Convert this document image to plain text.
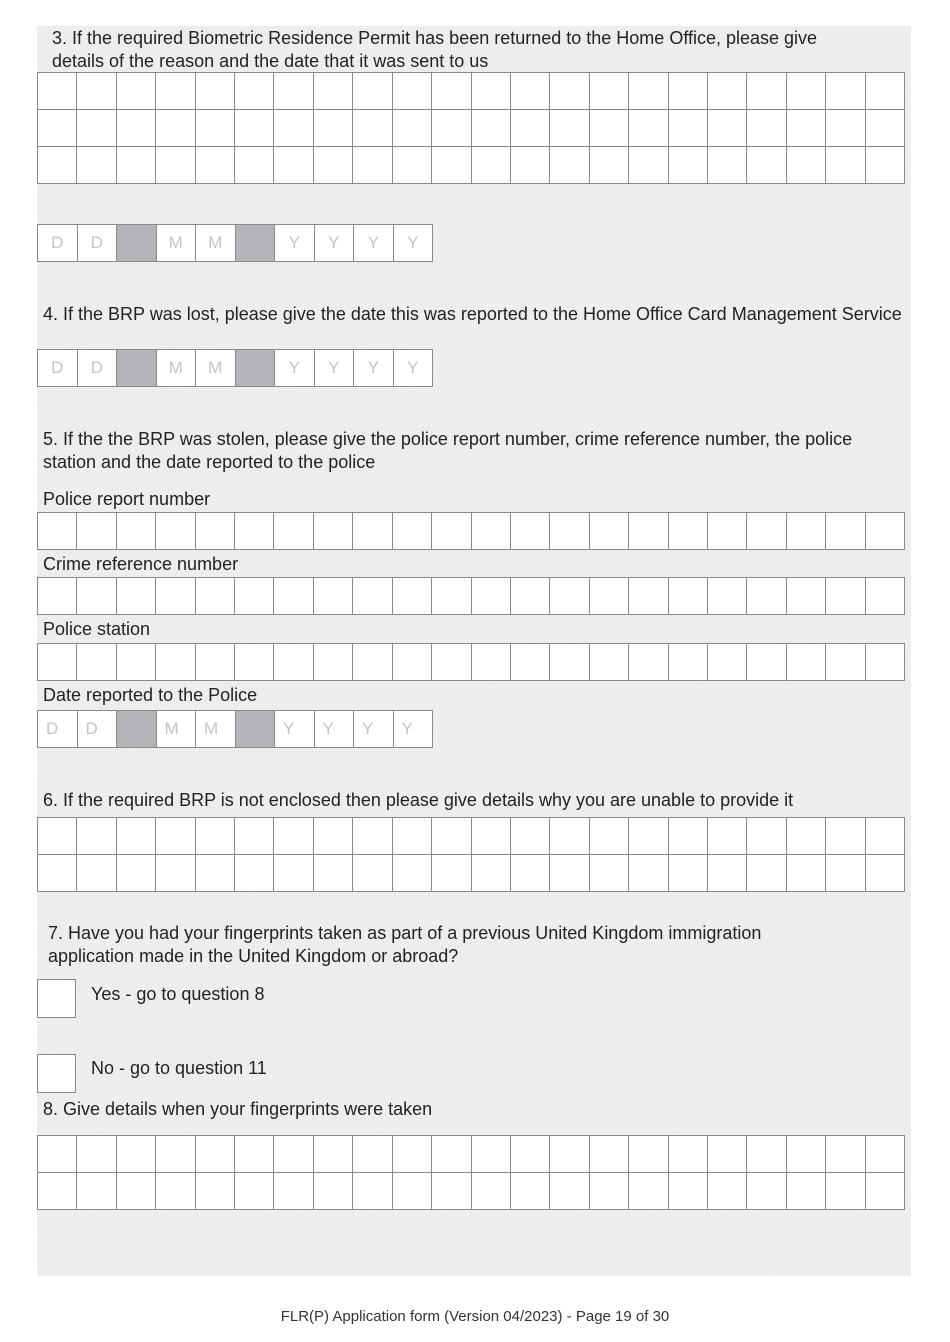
3. If the required Biometric Residence Permit has been returned to the Home Office, please give details of the reason and the date that it was sent to us

D	D	M	M	Y	Y	Y	Y

4. If the BRP was lost, please give the date this was reported to the Home Office Card Management Service

D	D	M	M	Y	Y	Y	Y

5. If the the BRP was stolen, please give the police report number, crime reference number, the police station and the date reported to the police

Police report number

Crime reference number

Police station

Date reported to the Police

D	D	M	M	Y	Y	Y	Y

6. If the required BRP is not enclosed then please give details why you are unable to provide it

7. Have you had your fingerprints taken as part of a previous United Kingdom immigration application made in the United Kingdom or abroad?

Yes - go to question 8
No - go to question 11

8. Give details when your fingerprints were taken

FLR(P) Application form (Version 04/2023) - Page 19 of 30
